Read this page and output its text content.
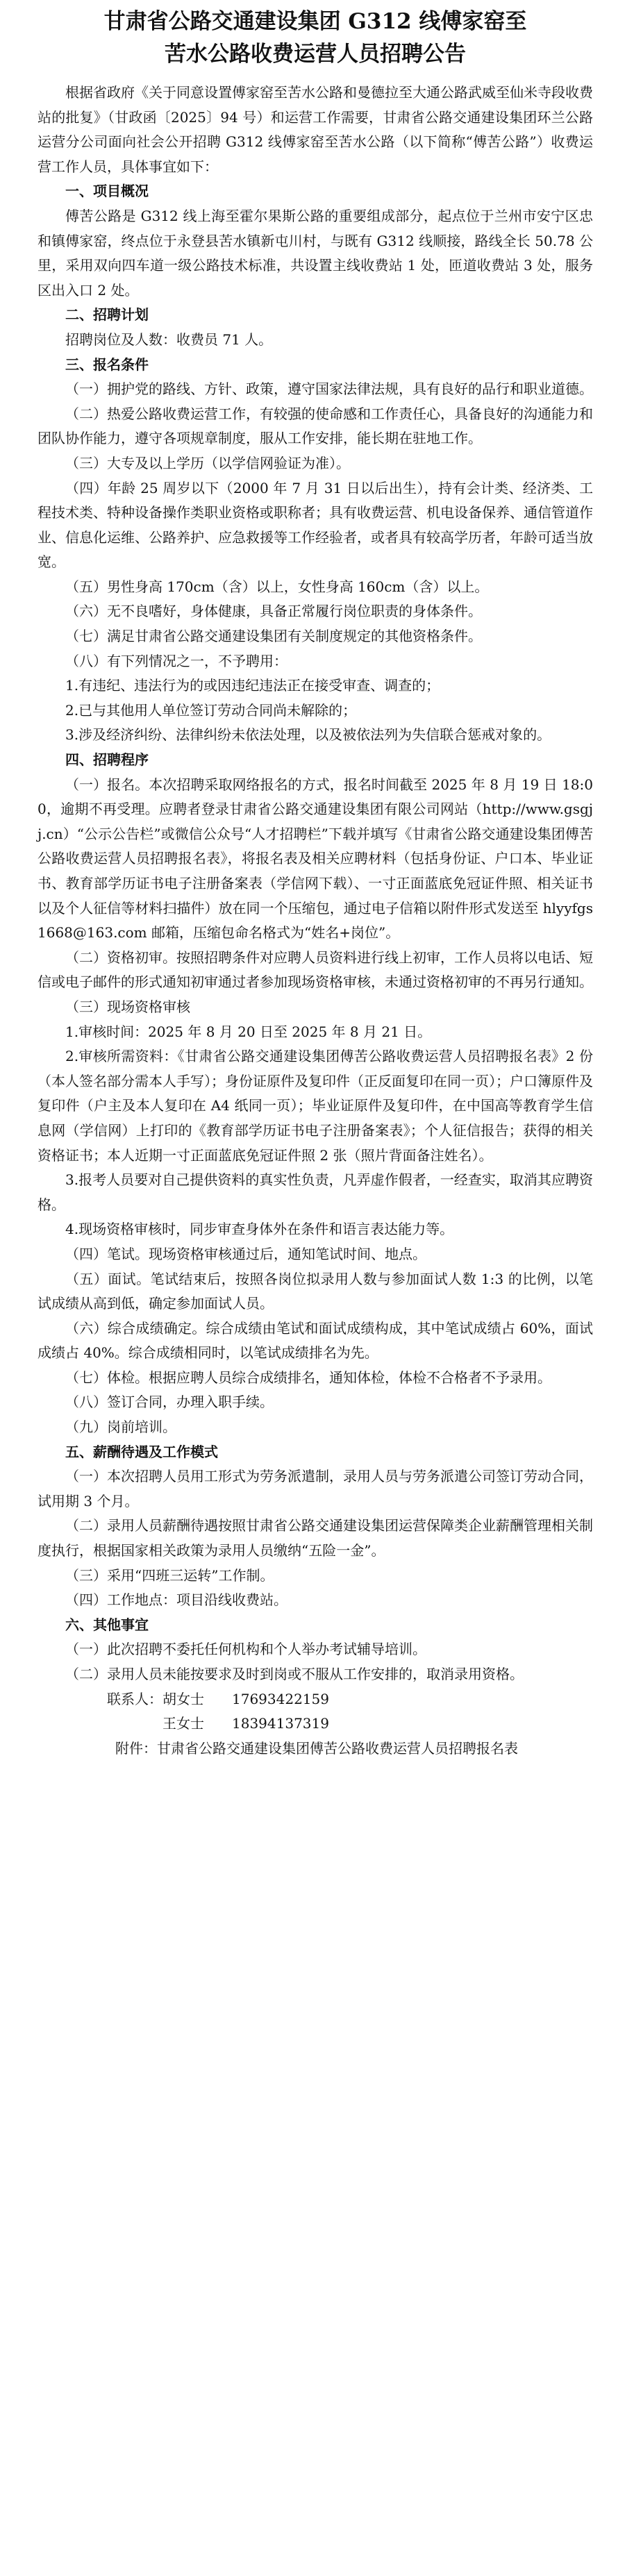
甘肃省公路交通建设集团 G312 线傅家窑至
苦水公路收费运营人员招聘公告

根据省政府《关于同意设置傅家窑至苦水公路和曼德拉至大通公路武威至仙米寺段收费站的批复》（甘政函〔2025〕94 号）和运营工作需要，甘肃省公路交通建设集团环兰公路运营分公司面向社会公开招聘 G312 线傅家窑至苦水公路（以下简称“傅苦公路”）收费运营工作人员，具体事宜如下：

一、项目概况

傅苦公路是 G312 线上海至霍尔果斯公路的重要组成部分，起点位于兰州市安宁区忠和镇傅家窑，终点位于永登县苦水镇新屯川村，与既有 G312 线顺接，路线全长 50.78 公里，采用双向四车道一级公路技术标准，共设置主线收费站 1 处，匝道收费站 3 处，服务区出入口 2 处。

二、招聘计划

招聘岗位及人数：收费员 71 人。

三、报名条件

（一）拥护党的路线、方针、政策，遵守国家法律法规，具有良好的品行和职业道德。

（二）热爱公路收费运营工作，有较强的使命感和工作责任心，具备良好的沟通能力和团队协作能力，遵守各项规章制度，服从工作安排，能长期在驻地工作。

（三）大专及以上学历（以学信网验证为准）。

（四）年龄 25 周岁以下（2000 年 7 月 31 日以后出生），持有会计类、经济类、工程技术类、特种设备操作类职业资格或职称者；具有收费运营、机电设备保养、通信管道作业、信息化运维、公路养护、应急救援等工作经验者，或者具有较高学历者，年龄可适当放宽。

（五）男性身高 170cm（含）以上，女性身高 160cm（含）以上。

（六）无不良嗜好，身体健康，具备正常履行岗位职责的身体条件。

（七）满足甘肃省公路交通建设集团有关制度规定的其他资格条件。

（八）有下列情况之一，不予聘用：

1.有违纪、违法行为的或因违纪违法正在接受审查、调查的；

2.已与其他用人单位签订劳动合同尚未解除的；

3.涉及经济纠纷、法律纠纷未依法处理，以及被依法列为失信联合惩戒对象的。

四、招聘程序

（一）报名。本次招聘采取网络报名的方式，报名时间截至 2025 年 8 月 19 日 18:00，逾期不再受理。应聘者登录甘肃省公路交通建设集团有限公司网站（http://www.gsgjj.cn）“公示公告栏”或微信公众号“人才招聘栏”下载并填写《甘肃省公路交通建设集团傅苦公路收费运营人员招聘报名表》，将报名表及相关应聘材料（包括身份证、户口本、毕业证书、教育部学历证书电子注册备案表（学信网下载）、一寸正面蓝底免冠证件照、相关证书以及个人征信等材料扫描件）放在同一个压缩包，通过电子信箱以附件形式发送至 hlyyfgs1668@163.com 邮箱，压缩包命名格式为“姓名+岗位”。

（二）资格初审。按照招聘条件对应聘人员资料进行线上初审，工作人员将以电话、短信或电子邮件的形式通知初审通过者参加现场资格审核，未通过资格初审的不再另行通知。

（三）现场资格审核

1.审核时间：2025 年 8 月 20 日至 2025 年 8 月 21 日。

2.审核所需资料：《甘肃省公路交通建设集团傅苦公路收费运营人员招聘报名表》2 份（本人签名部分需本人手写）；身份证原件及复印件（正反面复印在同一页）；户口簿原件及复印件（户主及本人复印在 A4 纸同一页）；毕业证原件及复印件，在中国高等教育学生信息网（学信网）上打印的《教育部学历证书电子注册备案表》；个人征信报告；获得的相关资格证书；本人近期一寸正面蓝底免冠证件照 2 张（照片背面备注姓名）。

3.报考人员要对自己提供资料的真实性负责，凡弄虚作假者，一经查实，取消其应聘资格。

4.现场资格审核时，同步审查身体外在条件和语言表达能力等。

（四）笔试。现场资格审核通过后，通知笔试时间、地点。

（五）面试。笔试结束后，按照各岗位拟录用人数与参加面试人数 1:3 的比例，以笔试成绩从高到低，确定参加面试人员。

（六）综合成绩确定。综合成绩由笔试和面试成绩构成，其中笔试成绩占 60%，面试成绩占 40%。综合成绩相同时，以笔试成绩排名为先。

（七）体检。根据应聘人员综合成绩排名，通知体检，体检不合格者不予录用。

（八）签订合同，办理入职手续。

（九）岗前培训。

五、薪酬待遇及工作模式

（一）本次招聘人员用工形式为劳务派遣制，录用人员与劳务派遣公司签订劳动合同，试用期 3 个月。

（二）录用人员薪酬待遇按照甘肃省公路交通建设集团运营保障类企业薪酬管理相关制度执行，根据国家相关政策为录用人员缴纳“五险一金”。

（三）采用“四班三运转”工作制。

（四）工作地点：项目沿线收费站。

六、其他事宜

（一）此次招聘不委托任何机构和个人举办考试辅导培训。

（二）录用人员未能按要求及时到岗或不服从工作安排的，取消录用资格。

联系人： 胡女士	17693422159
王女士	18394137319
附件： 甘肃省公路交通建设集团傅苦公路收费运营人员招聘报名表
